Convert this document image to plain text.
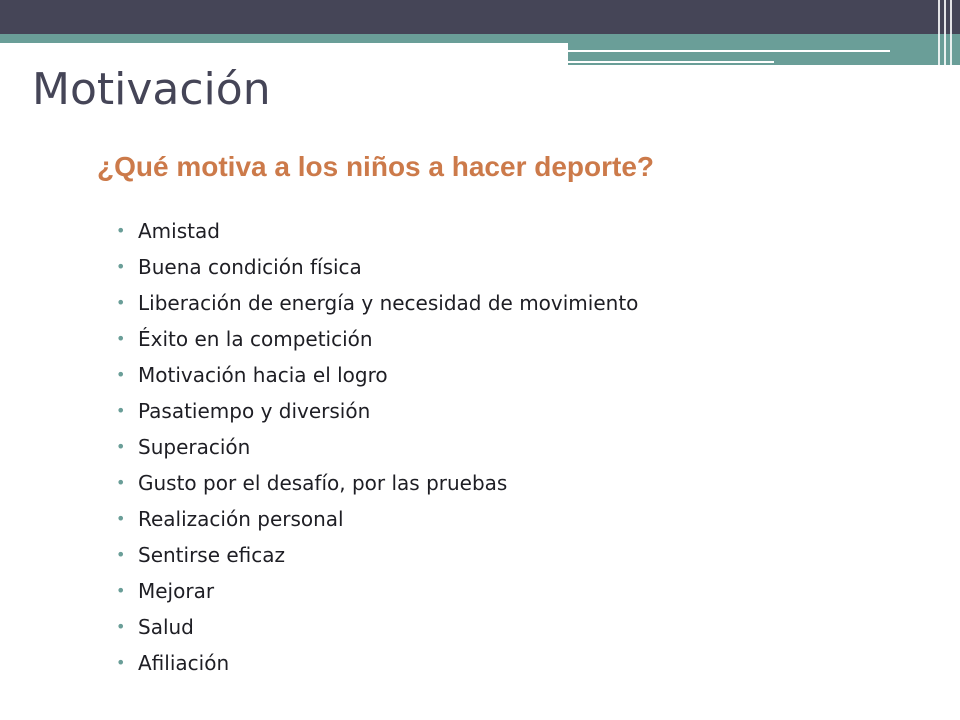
Motivación
¿Qué motiva a los niños a hacer deporte?
• Amistad
• Buena condición física
• Liberación de energía y necesidad de movimiento
• Éxito en la competición
• Motivación hacia el logro
• Pasatiempo y diversión
• Superación
• Gusto por el desafío, por las pruebas
• Realización personal
• Sentirse eficaz
• Mejorar
• Salud
• Afiliación
